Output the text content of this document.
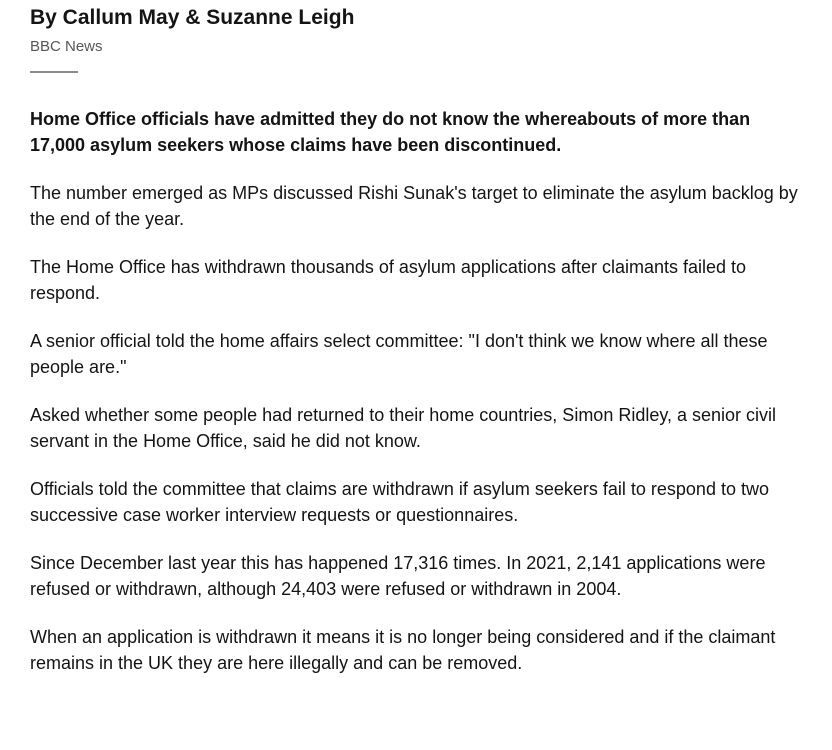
By Callum May & Suzanne Leigh

BBC News

Home Office officials have admitted they do not know the whereabouts of more than 17,000 asylum seekers whose claims have been discontinued.

The number emerged as MPs discussed Rishi Sunak's target to eliminate the asylum backlog by the end of the year.

The Home Office has withdrawn thousands of asylum applications after claimants failed to respond.

A senior official told the home affairs select committee: "I don't think we know where all these people are."

Asked whether some people had returned to their home countries, Simon Ridley, a senior civil servant in the Home Office, said he did not know.

Officials told the committee that claims are withdrawn if asylum seekers fail to respond to two successive case worker interview requests or questionnaires.

Since December last year this has happened 17,316 times. In 2021, 2,141 applications were refused or withdrawn, although 24,403 were refused or withdrawn in 2004.

When an application is withdrawn it means it is no longer being considered and if the claimant remains in the UK they are here illegally and can be removed.
